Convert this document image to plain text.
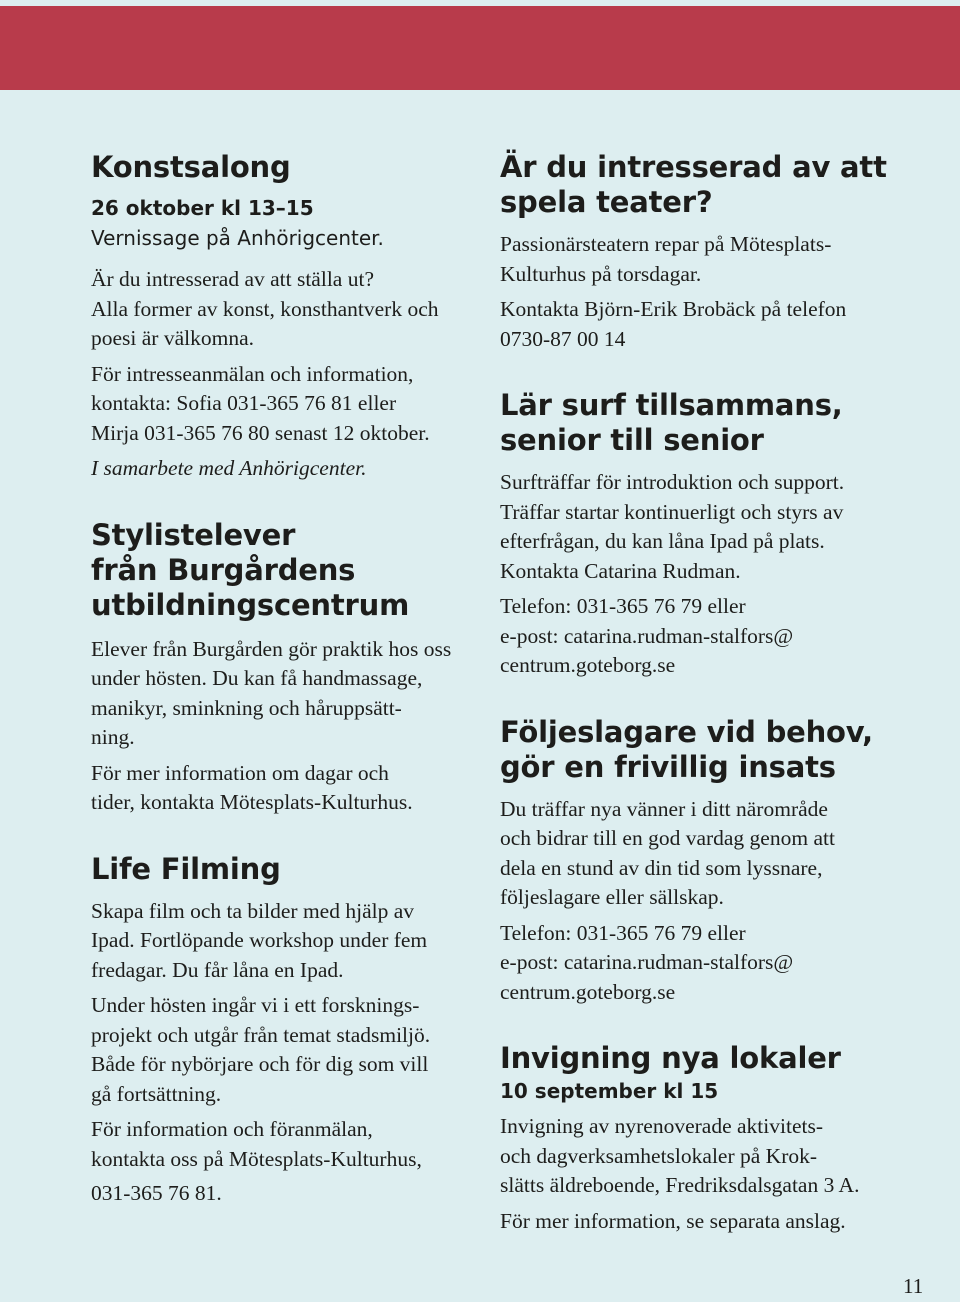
Konstsalong
26 oktober kl 13–15
Vernissage på Anhörigcenter.

Är du intresserad av att ställa ut?
Alla former av konst, konsthantverk och
poesi är välkomna.

För intresseanmälan och information,
kontakta: Sofia 031-365 76 81 eller
Mirja 031-365 76 80 senast 12 oktober.

I samarbete med Anhörigcenter.

Stylistelever
från Burgårdens
utbildningscentrum

Elever från Burgården gör praktik hos oss
under hösten. Du kan få handmassage,
manikyr, sminkning och håruppsätt-
ning.

För mer information om dagar och
tider, kontakta Mötesplats-Kulturhus.

Life Filming

Skapa film och ta bilder med hjälp av
Ipad. Fortlöpande workshop under fem
fredagar. Du får låna en Ipad.

Under hösten ingår vi i ett forsknings-
projekt och utgår från temat stadsmiljö.
Både för nybörjare och för dig som vill
gå fortsättning.

För information och föranmälan,
kontakta oss på Mötesplats-Kulturhus,
031-365 76 81.

Är du intresserad av att
spela teater?

Passionärsteatern repar på Mötesplats-
Kulturhus på torsdagar.

Kontakta Björn-Erik Brobäck på telefon
0730-87 00 14

Lär surf tillsammans,
senior till senior

Surfträffar för introduktion och support.
Träffar startar kontinuerligt och styrs av
efterfrågan, du kan låna Ipad på plats.
Kontakta Catarina Rudman.

Telefon: 031-365 76 79 eller
e-post: catarina.rudman-stalfors@
centrum.goteborg.se

Följeslagare vid behov,
gör en frivillig insats

Du träffar nya vänner i ditt närområde
och bidrar till en god vardag genom att
dela en stund av din tid som lyssnare,
följeslagare eller sällskap.

Telefon: 031-365 76 79 eller
e-post: catarina.rudman-stalfors@
centrum.goteborg.se

Invigning nya lokaler
10 september kl 15

Invigning av nyrenoverade aktivitets-
och dagverksamhetslokaler på Krok-
slätts äldreboende, Fredriksdalsgatan 3 A.

För mer information, se separata anslag.

11
